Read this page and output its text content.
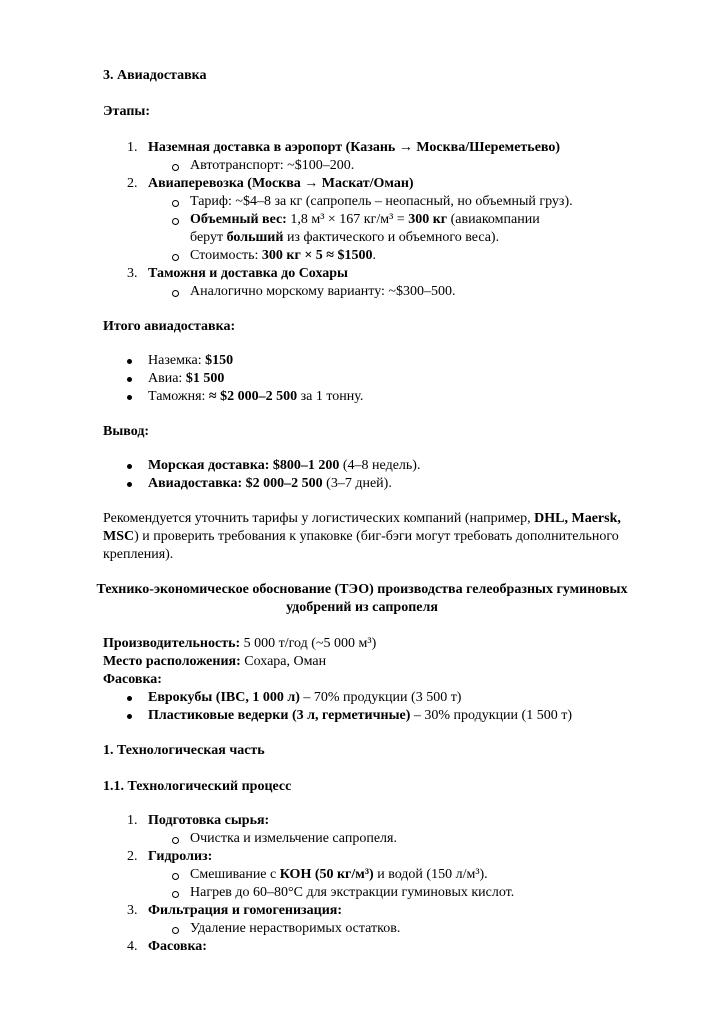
3. Авиадоставка
Этапы:
1. Наземная доставка в аэропорт (Казань → Москва/Шереметьево)
Автотранспорт: ~$100–200.
2. Авиаперевозка (Москва → Маскат/Оман)
Тариф: ~$4–8 за кг (сапропель – неопасный, но объемный груз).
Объемный вес: 1,8 м³ × 167 кг/м³ = 300 кг (авиакомпании
берут больший из фактического и объемного веса).
Стоимость: 300 кг × 5 ≈ $1500.
3. Таможня и доставка до Сохары
Аналогично морскому варианту: ~$300–500.
Итого авиадоставка:
Наземка: $150
Авиа: $1 500
Таможня: ≈ $2 000–2 500 за 1 тонну.
Вывод:
Морская доставка: $800–1 200 (4–8 недель).
Авиадоставка: $2 000–2 500 (3–7 дней).
Рекомендуется уточнить тарифы у логистических компаний (например, DHL, Maersk,
MSC) и проверить требования к упаковке (биг-бэги могут требовать дополнительного
крепления).
Технико-экономическое обоснование (ТЭО) производства гелеобразных гуминовых
удобрений из сапропеля
Производительность: 5 000 т/год (~5 000 м³)
Место расположения: Сохара, Оман
Фасовка:
Еврокубы (IBC, 1 000 л) – 70% продукции (3 500 т)
Пластиковые ведерки (3 л, герметичные) – 30% продукции (1 500 т)
1. Технологическая часть
1.1. Технологический процесс
1. Подготовка сырья:
Очистка и измельчение сапропеля.
2. Гидролиз:
Смешивание с КОН (50 кг/м³) и водой (150 л/м³).
Нагрев до 60–80°С для экстракции гуминовых кислот.
3. Фильтрация и гомогенизация:
Удаление нерастворимых остатков.
4. Фасовка:
